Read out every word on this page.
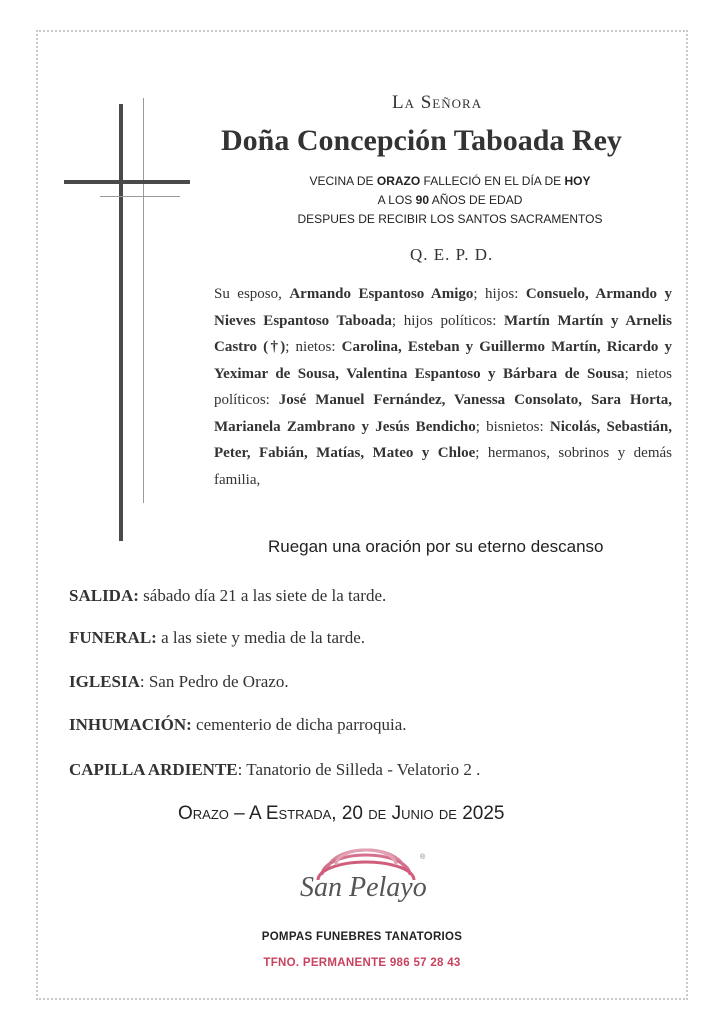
La Señora
Doña Concepción Taboada Rey
VECINA DE ORAZO FALLECIÓ EN EL DÍA DE HOY
A LOS 90 AÑOS DE EDAD
DESPUES DE RECIBIR LOS SANTOS SACRAMENTOS
Q. E. P. D.
Su esposo, Armando Espantoso Amigo; hijos: Consuelo, Armando y Nieves Espantoso Taboada; hijos políticos: Martín Martín y Arnelis Castro (†); nietos: Carolina, Esteban y Guillermo Martín, Ricardo y Yeximar de Sousa, Valentina Espantoso y Bárbara de Sousa; nietos políticos: José Manuel Fernández, Vanessa Consolato, Sara Horta, Marianela Zambrano y Jesús Bendicho; bisnietos: Nicolás, Sebastián, Peter, Fabián, Matías, Mateo y Chloe; hermanos, sobrinos y demás familia,
Ruegan una oración por su eterno descanso
SALIDA: sábado día 21 a las siete de la tarde.
FUNERAL: a las siete y media de la tarde.
IGLESIA: San Pedro de Orazo.
INHUMACIÓN: cementerio de dicha parroquia.
CAPILLA ARDIENTE: Tanatorio de Silleda - Velatorio 2 .
Orazo – A Estrada, 20 de Junio de 2025
San Pelayo
®
POMPAS FUNEBRES TANATORIOS
TFNO. PERMANENTE 986 57 28 43
